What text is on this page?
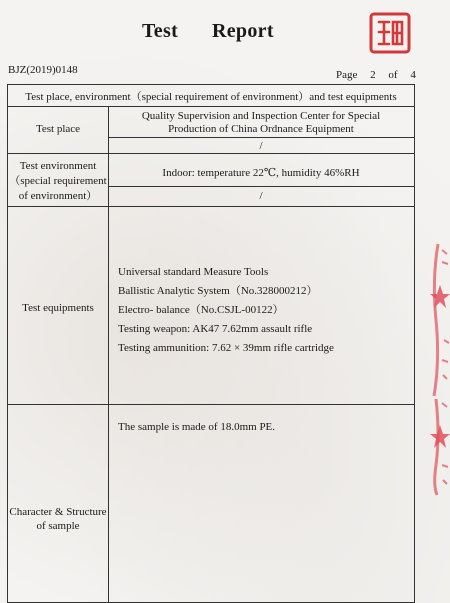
Test Report
BJZ(2019)0148	Page 2 of 4
Test place, environment（special requirement of environment）and test equipments
Test place
Quality Supervision and Inspection Center for Special
Production of China Ordnance Equipment
/
Test environment
（special requirement
of environment）
Indoor: temperature 22℃, humidity 46%RH
/
Test equipments
Universal standard Measure Tools
Ballistic Analytic System（No.328000212）
Electro- balance（No.CSJL-00122）
Testing weapon: AK47 7.62mm assault rifle
Testing ammunition: 7.62 × 39mm rifle cartridge
The sample is made of 18.0mm PE.
Character & Structure
of sample
